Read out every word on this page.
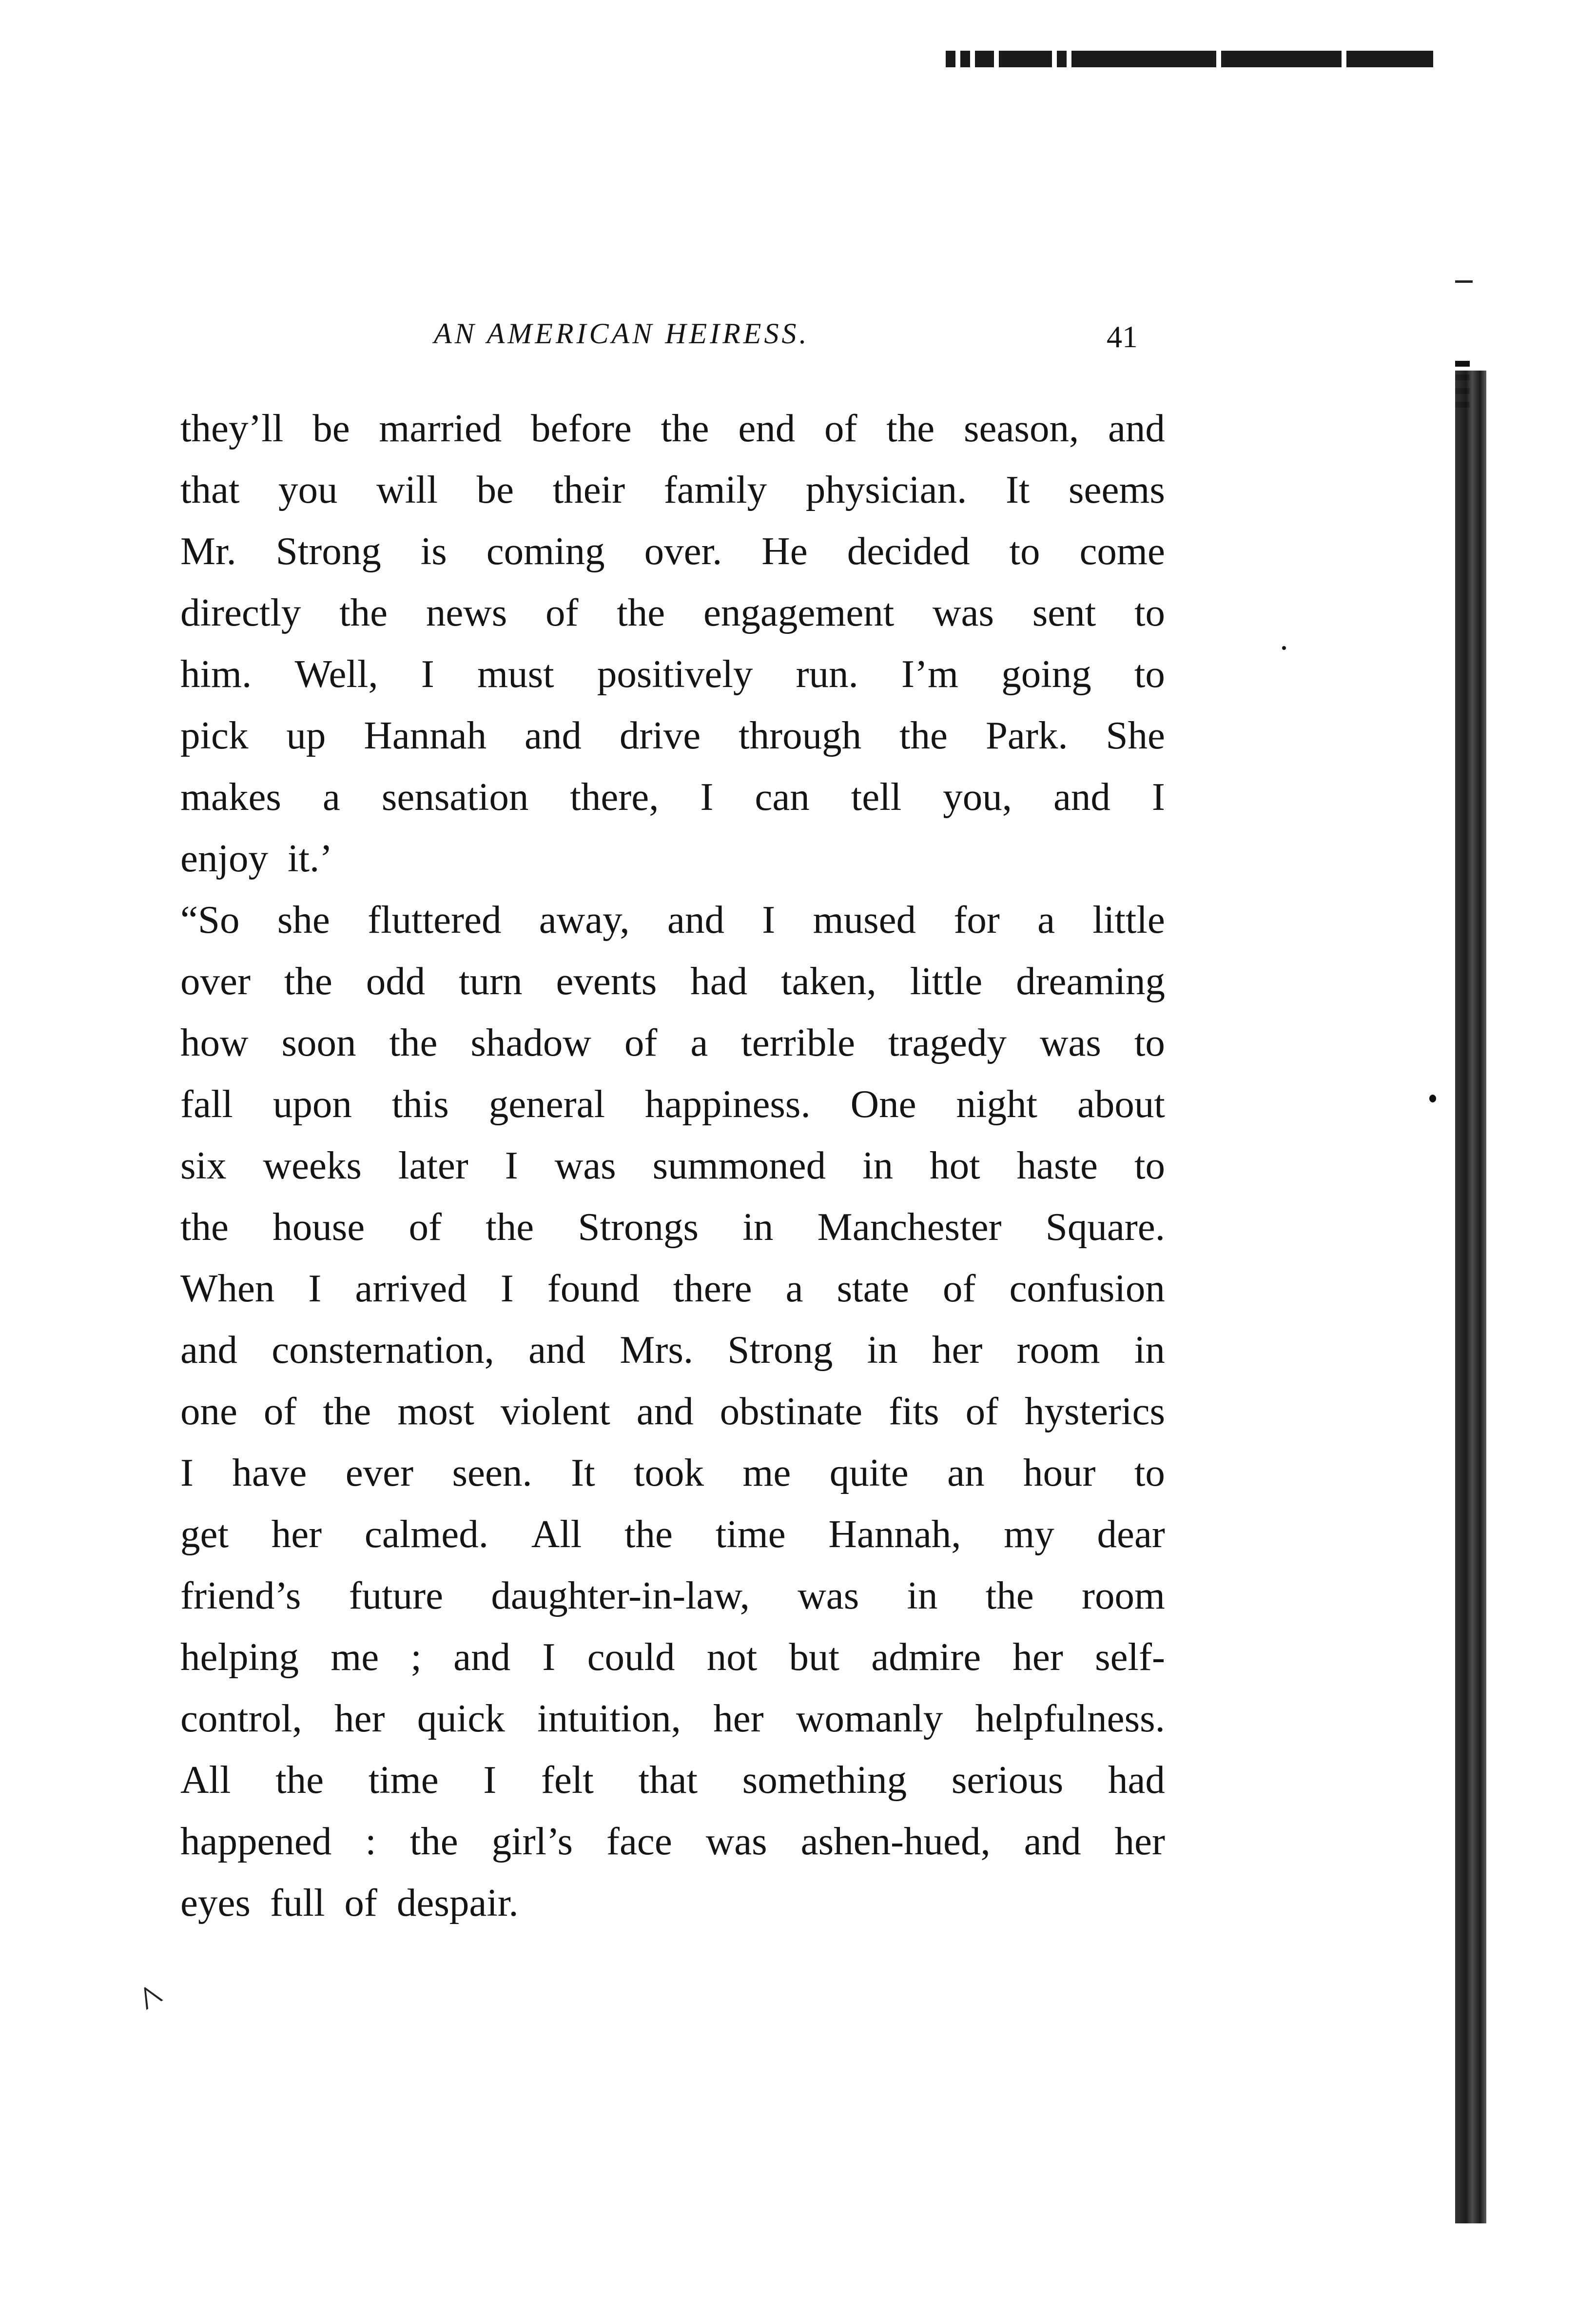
AN AMERICAN HEIRESS.	41
they’ll be married before the end of the season, and
that you will be their family physician. It seems
Mr. Strong is coming over. He decided to come
directly the news of the engagement was sent to
him. Well, I must positively run. I’m going to
pick up Hannah and drive through the Park. She
makes a sensation there, I can tell you, and I
enjoy it.’
“So she fluttered away, and I mused for a little
over the odd turn events had taken, little dreaming
how soon the shadow of a terrible tragedy was to
fall upon this general happiness. One night about
six weeks later I was summoned in hot haste to
the house of the Strongs in Manchester Square.
When I arrived I found there a state of confusion
and consternation, and Mrs. Strong in her room in
one of the most violent and obstinate fits of hysterics
I have ever seen. It took me quite an hour to
get her calmed. All the time Hannah, my dear
friend’s future daughter-in-law, was in the room
helping me ; and I could not but admire her self-
control, her quick intuition, her womanly helpfulness.
All the time I felt that something serious had
happened : the girl’s face was ashen-hued, and her
eyes full of despair.
^
